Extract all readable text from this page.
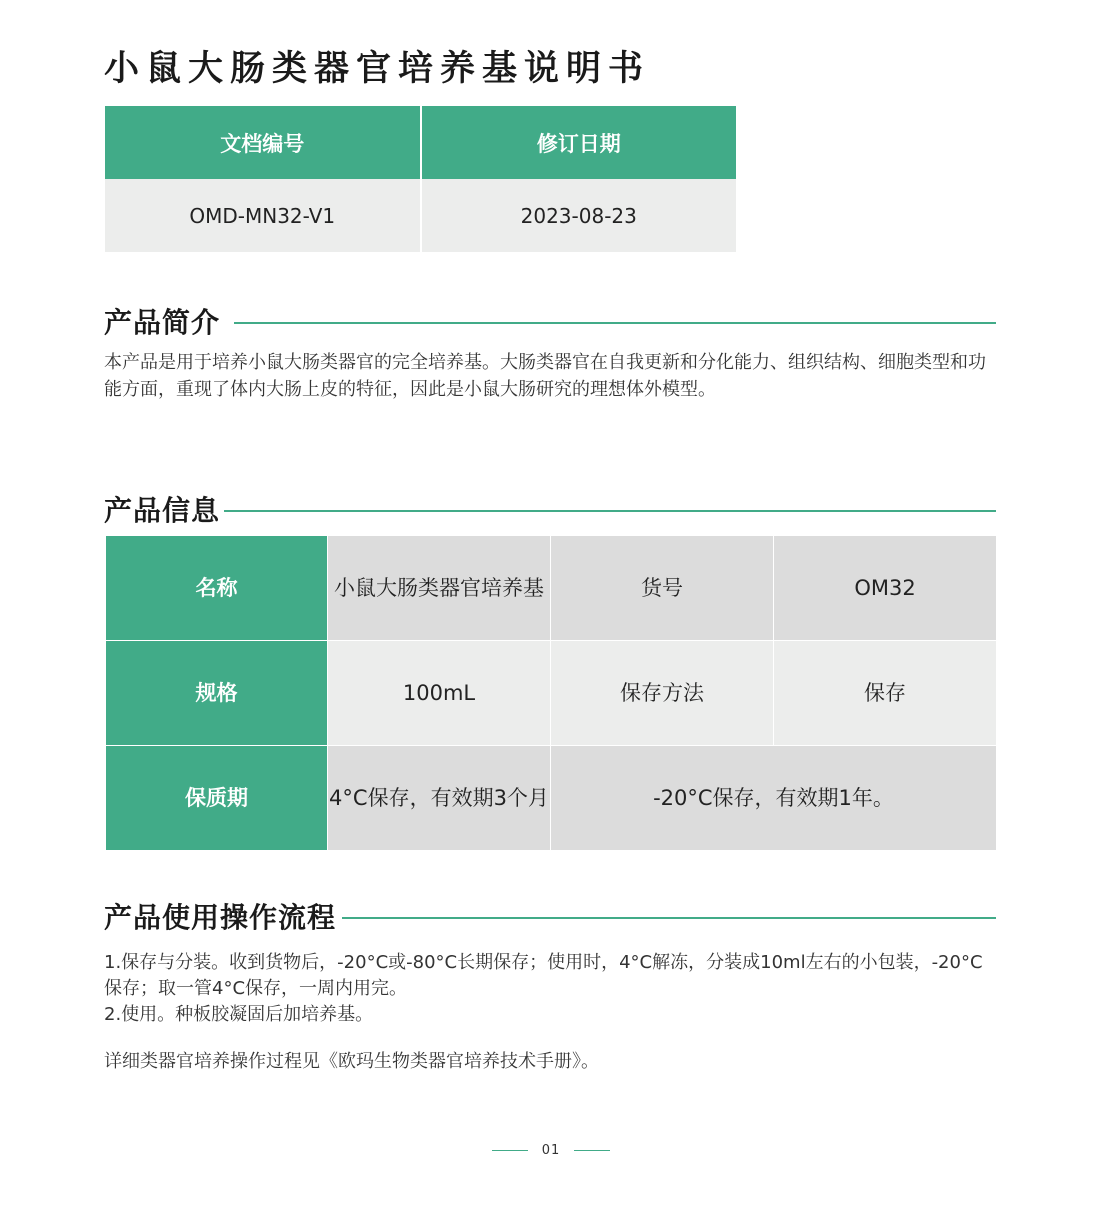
小鼠大肠类器官培养基说明书
文档编号	修订日期
OMD-MN32-V1	2023-08-23
产品简介

本产品是用于培养小鼠大肠类器官的完全培养基。大肠类器官在自我更新和分化能力、组织结构、细胞类型和功能方面，重现了体内大肠上皮的特征，因此是小鼠大肠研究的理想体外模型。

产品信息
名称	小鼠大肠类器官培养基	货号	OM32
规格	100mL	保存方法	保存
保质期	4°C保存，有效期3个月	-20°C保存，有效期1年。	
产品使用操作流程

1.保存与分装。收到货物后，-20°C或-80°C长期保存；使用时，4°C解冻，分装成10ml左右的小包装，-20°C保存；取一管4°C保存，一周内用完。

2.使用。种板胶凝固后加培养基。

详细类器官培养操作过程见《欧玛生物类器官培养技术手册》。

01
